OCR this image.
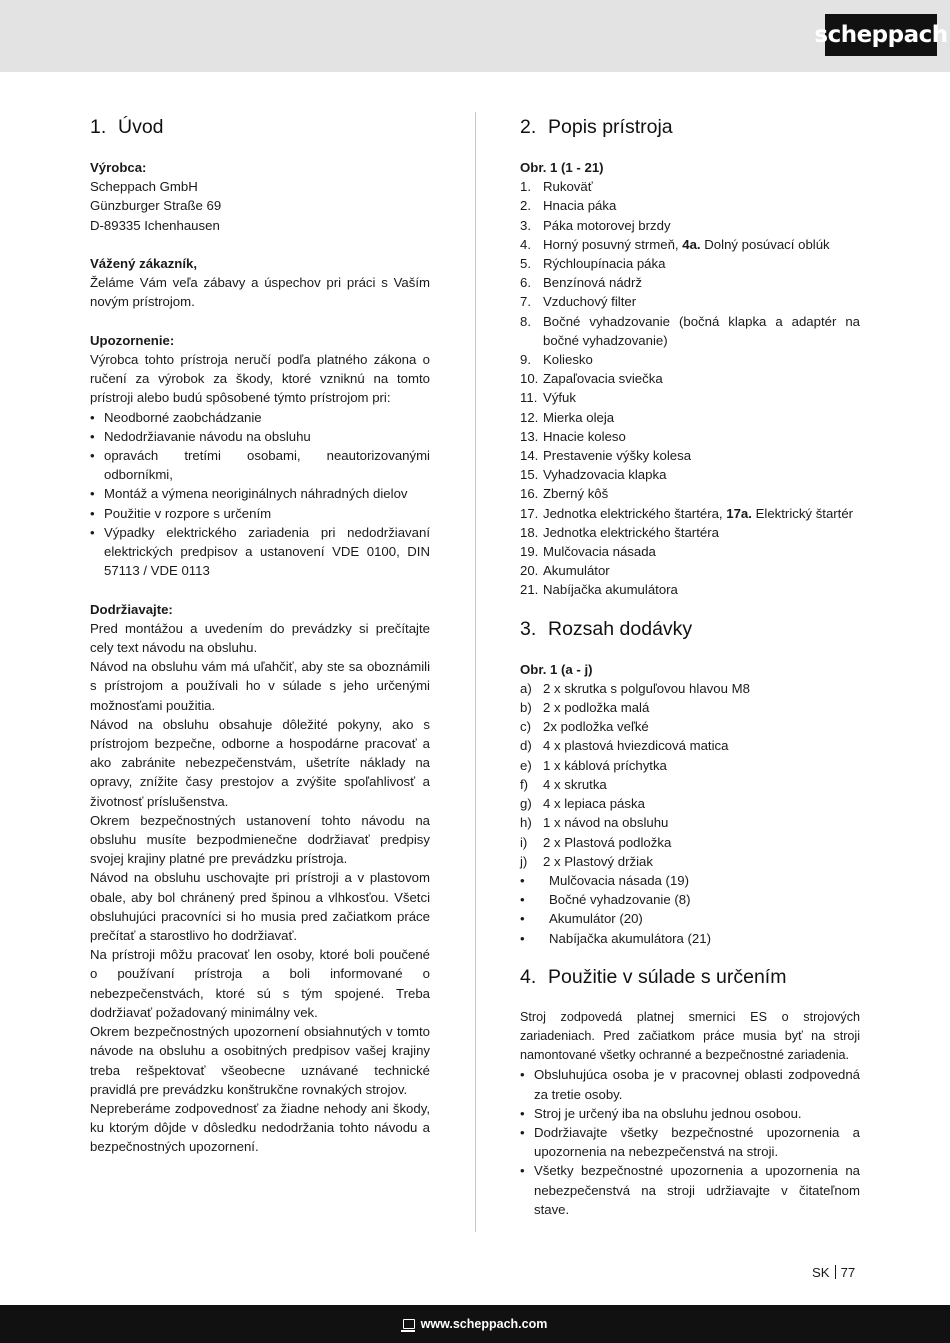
scheppach
1. Úvod

Výrobca:

Scheppach GmbH

Günzburger Straße 69

D-89335 Ichenhausen

Vážený zákazník,

Želáme Vám veľa zábavy a úspechov pri práci s Vaším novým prístrojom.

Upozornenie:

Výrobca tohto prístroja neručí podľa platného zákona o ručení za výrobok za škody, ktoré vzniknú na tomto prístroji alebo budú spôsobené týmto prístrojom pri:

• Neodborné zaobchádzanie
• Nedodržiavanie návodu na obsluhu
• opravách tretími osobami, neautorizovanými odborníkmi,
• Montáž a výmena neoriginálnych náhradných dielov
• Použitie v rozpore s určením
• Výpadky elektrického zariadenia pri nedodržiavaní elektrických predpisov a ustanovení VDE 0100, DIN 57113 / VDE 0113

Dodržiavajte:

Pred montážou a uvedením do prevádzky si prečítajte cely text návodu na obsluhu.

Návod na obsluhu vám má uľahčiť, aby ste sa oboznámili s prístrojom a používali ho v súlade s jeho určenými možnosťami použitia.

Návod na obsluhu obsahuje dôležité pokyny, ako s prístrojom bezpečne, odborne a hospodárne pracovať a ako zabránite nebezpečenstvám, ušetríte náklady na opravy, znížite časy prestojov a zvýšite spoľahlivosť a životnosť príslušenstva.

Okrem bezpečnostných ustanovení tohto návodu na obsluhu musíte bezpodmienečne dodržiavať predpisy svojej krajiny platné pre prevádzku prístroja.

Návod na obsluhu uschovajte pri prístroji a v plastovom obale, aby bol chránený pred špinou a vlhkosťou. Všetci obsluhujúci pracovníci si ho musia pred začiatkom práce prečítať a starostlivo ho dodržiavať.

Na prístroji môžu pracovať len osoby, ktoré boli poučené o používaní prístroja a boli informované o nebezpečenstvách, ktoré sú s tým spojené. Treba dodržiavať požadovaný minimálny vek.

Okrem bezpečnostných upozornení obsiahnutých v tomto návode na obsluhu a osobitných predpisov vašej krajiny treba rešpektovať všeobecne uznávané technické pravidlá pre prevádzku konštrukčne rovnakých strojov.

Nepreberáme zodpovednosť za žiadne nehody ani škody, ku ktorým dôjde v dôsledku nedodržania tohto návodu a bezpečnostných upozornení.

2. Popis prístroja

Obr. 1 (1 - 21)

1. Rukoväť
2. Hnacia páka
3. Páka motorovej brzdy
4. Horný posuvný strmeň, 4a. Dolný posúvací oblúk
5. Rýchloupínacia páka
6. Benzínová nádrž
7. Vzduchový filter
8. Bočné vyhadzovanie (bočná klapka a adaptér na bočné vyhadzovanie)
9. Koliesko
10. Zapaľovacia sviečka
11. Výfuk
12. Mierka oleja
13. Hnacie koleso
14. Prestavenie výšky kolesa
15. Vyhadzovacia klapka
16. Zberný kôš
17. Jednotka elektrického štartéra, 17a. Elektrický štartér
18. Jednotka elektrického štartéra
19. Mulčovacia násada
20. Akumulátor
21. Nabíjačka akumulátora
3. Rozsah dodávky

Obr. 1 (a - j)

a) 2 x skrutka s polguľovou hlavou M8
b) 2 x podložka malá
c) 2x podložka veľké
d) 4 x plastová hviezdicová matica
e) 1 x káblová príchytka
f) 4 x skrutka
g) 4 x lepiaca páska
h) 1 x návod na obsluhu
i) 2 x Plastová podložka
j) 2 x Plastový držiak
• Mulčovacia násada (19)
• Bočné vyhadzovanie (8)
• Akumulátor (20)
• Nabíjačka akumulátora (21)
4. Použitie v súlade s určením

Stroj zodpovedá platnej smernici ES o strojových zariadeniach. Pred začiatkom práce musia byť na stroji namontované všetky ochranné a bezpečnostné zariadenia.

• Obsluhujúca osoba je v pracovnej oblasti zodpovedná za tretie osoby.
• Stroj je určený iba na obsluhu jednou osobou.
• Dodržiavajte všetky bezpečnostné upozornenia a upozornenia na nebezpečenstvá na stroji.
• Všetky bezpečnostné upozornenia a upozornenia na nebezpečenstvá na stroji udržiavajte v čitateľnom stave.
SK 77
www.scheppach.com
